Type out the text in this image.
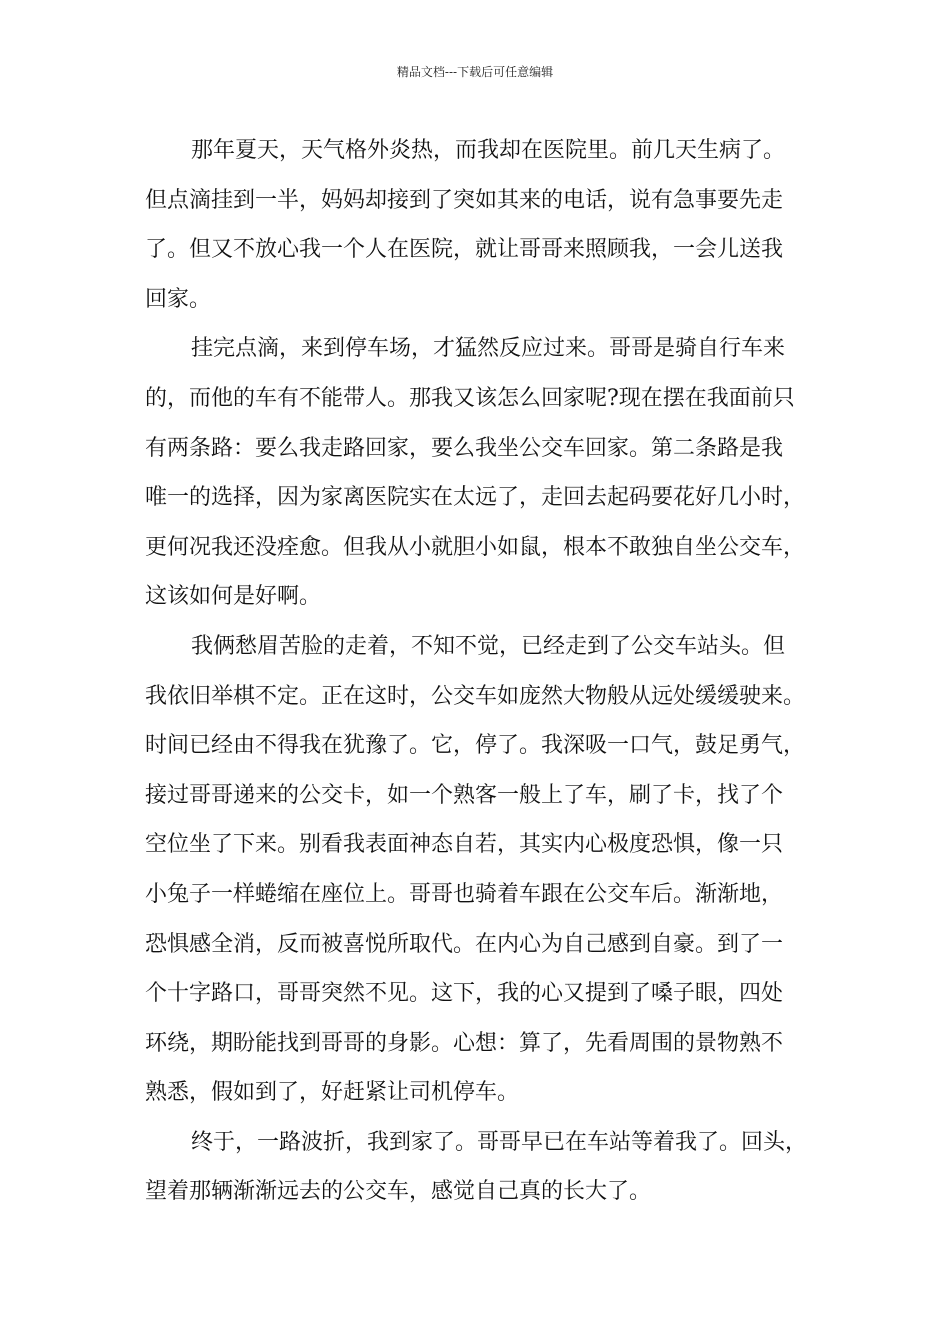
精品文档---下载后可任意编辑
那年夏天，天气格外炎热，而我却在医院里。前几天生病了。
但点滴挂到一半，妈妈却接到了突如其来的电话，说有急事要先走
了。但又不放心我一个人在医院，就让哥哥来照顾我，一会儿送我
回家。
挂完点滴，来到停车场，才猛然反应过来。哥哥是骑自行车来
的，而他的车有不能带人。那我又该怎么回家呢?现在摆在我面前只
有两条路：要么我走路回家，要么我坐公交车回家。第二条路是我
唯一的选择，因为家离医院实在太远了，走回去起码要花好几小时，
更何况我还没痊愈。但我从小就胆小如鼠，根本不敢独自坐公交车，
这该如何是好啊。
我俩愁眉苦脸的走着，不知不觉，已经走到了公交车站头。但
我依旧举棋不定。正在这时，公交车如庞然大物般从远处缓缓驶来。
时间已经由不得我在犹豫了。它，停了。我深吸一口气，鼓足勇气，
接过哥哥递来的公交卡，如一个熟客一般上了车，刷了卡，找了个
空位坐了下来。别看我表面神态自若，其实内心极度恐惧，像一只
小兔子一样蜷缩在座位上。哥哥也骑着车跟在公交车后。渐渐地，
恐惧感全消，反而被喜悦所取代。在内心为自己感到自豪。到了一
个十字路口，哥哥突然不见。这下，我的心又提到了嗓子眼，四处
环绕，期盼能找到哥哥的身影。心想：算了，先看周围的景物熟不
熟悉，假如到了，好赶紧让司机停车。
终于，一路波折，我到家了。哥哥早已在车站等着我了。回头，
望着那辆渐渐远去的公交车，感觉自己真的长大了。
